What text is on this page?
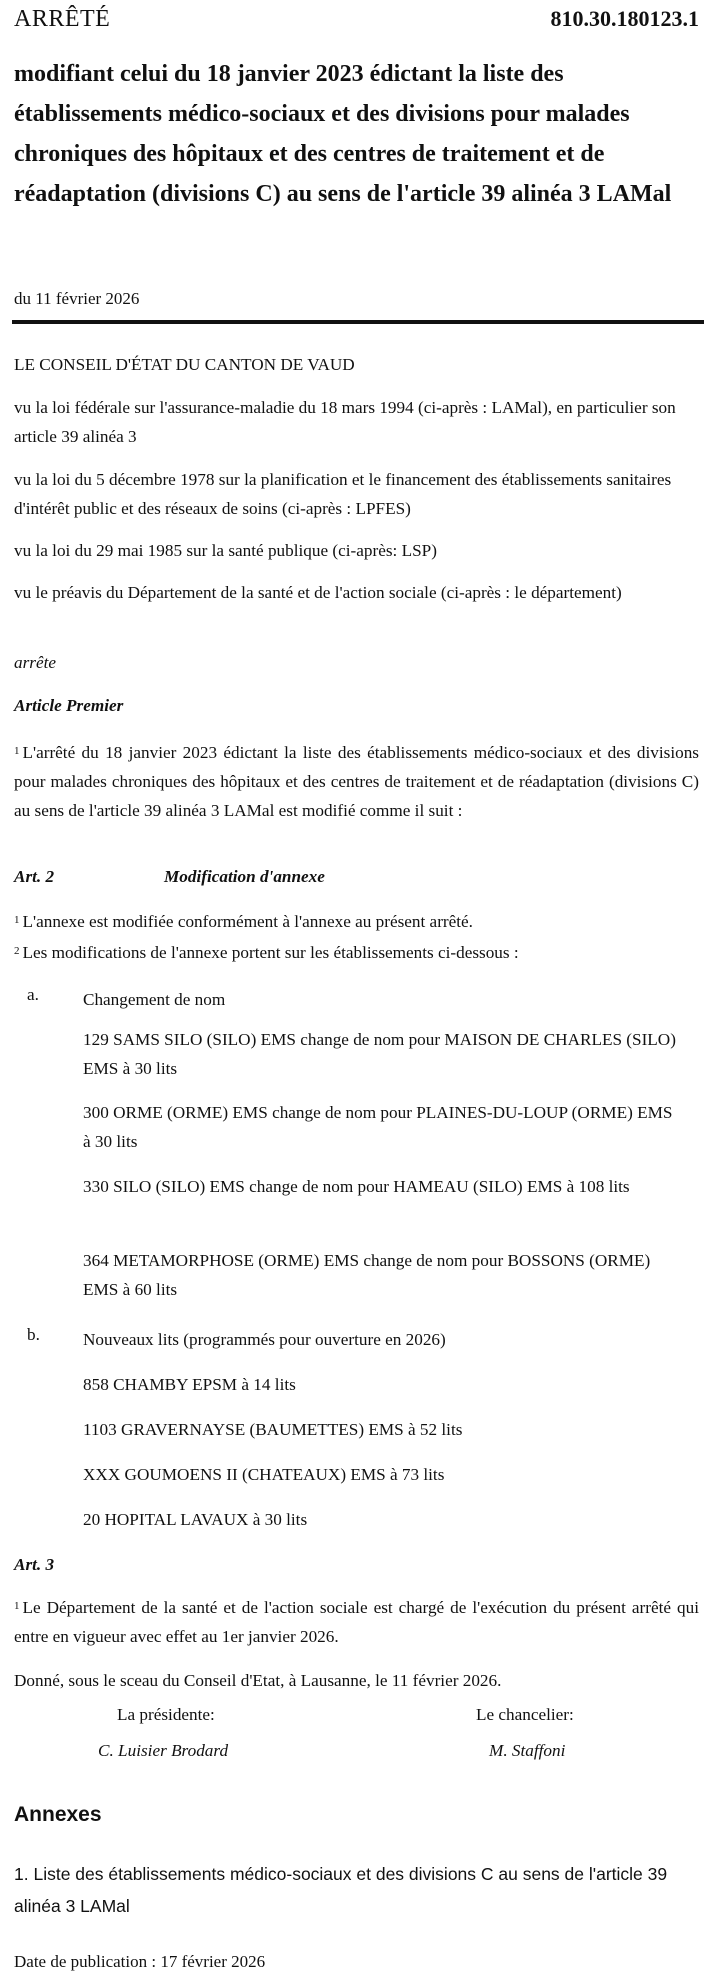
ARRÊTÉ	810.30.180123.1

modifiant celui du 18 janvier 2023 édictant la liste des établissements médico-sociaux et des divisions pour malades chroniques des hôpitaux et des centres de traitement et de réadaptation (divisions C) au sens de l'article 39 alinéa 3 LAMal

du 11 février 2026

LE CONSEIL D'ÉTAT DU CANTON DE VAUD

vu la loi fédérale sur l'assurance-maladie du 18 mars 1994 (ci-après : LAMal), en particulier son article 39 alinéa 3

vu la loi du 5 décembre 1978 sur la planification et le financement des établissements sanitaires d'intérêt public et des réseaux de soins (ci-après : LPFES)

vu la loi du 29 mai 1985 sur la santé publique (ci-après: LSP)

vu le préavis du Département de la santé et de l'action sociale (ci-après : le département)

arrête

Article Premier

$^1$ L'arrêté du 18 janvier 2023 édictant la liste des établissements médico-sociaux et des divisions pour malades chroniques des hôpitaux et des centres de traitement et de réadaptation (divisions C) au sens de l'article 39 alinéa 3 LAMal est modifié comme il suit :

Art. 2	Modification d'annexe

$^1$ L'annexe est modifiée conformément à l'annexe au présent arrêté.

$^2$ Les modifications de l'annexe portent sur les établissements ci-dessous :

a.	Changement de nom

129 SAMS SILO (SILO) EMS change de nom pour MAISON DE CHARLES (SILO) EMS à 30 lits

300 ORME (ORME) EMS change de nom pour PLAINES-DU-LOUP (ORME) EMS à 30 lits

330 SILO (SILO) EMS change de nom pour HAMEAU (SILO) EMS à 108 lits

364 METAMORPHOSE (ORME) EMS change de nom pour BOSSONS (ORME) EMS à 60 lits

b.	Nouveaux lits (programmés pour ouverture en 2026)

858 CHAMBY EPSM à 14 lits

1103 GRAVERNAYSE (BAUMETTES) EMS à 52 lits

XXX GOUMOENS II (CHATEAUX) EMS à 73 lits

20 HOPITAL LAVAUX à 30 lits

Art. 3

$^1$ Le Département de la santé et de l'action sociale est chargé de l'exécution du présent arrêté qui entre en vigueur avec effet au 1er janvier 2026.

Donné, sous le sceau du Conseil d'Etat, à Lausanne, le 11 février 2026.

La présidente:

C. Luisier Brodard

Le chancelier:

M. Staffoni

Annexes

1. Liste des établissements médico-sociaux et des divisions C au sens de l'article 39 alinéa 3 LAMal

Date de publication : 17 février 2026
